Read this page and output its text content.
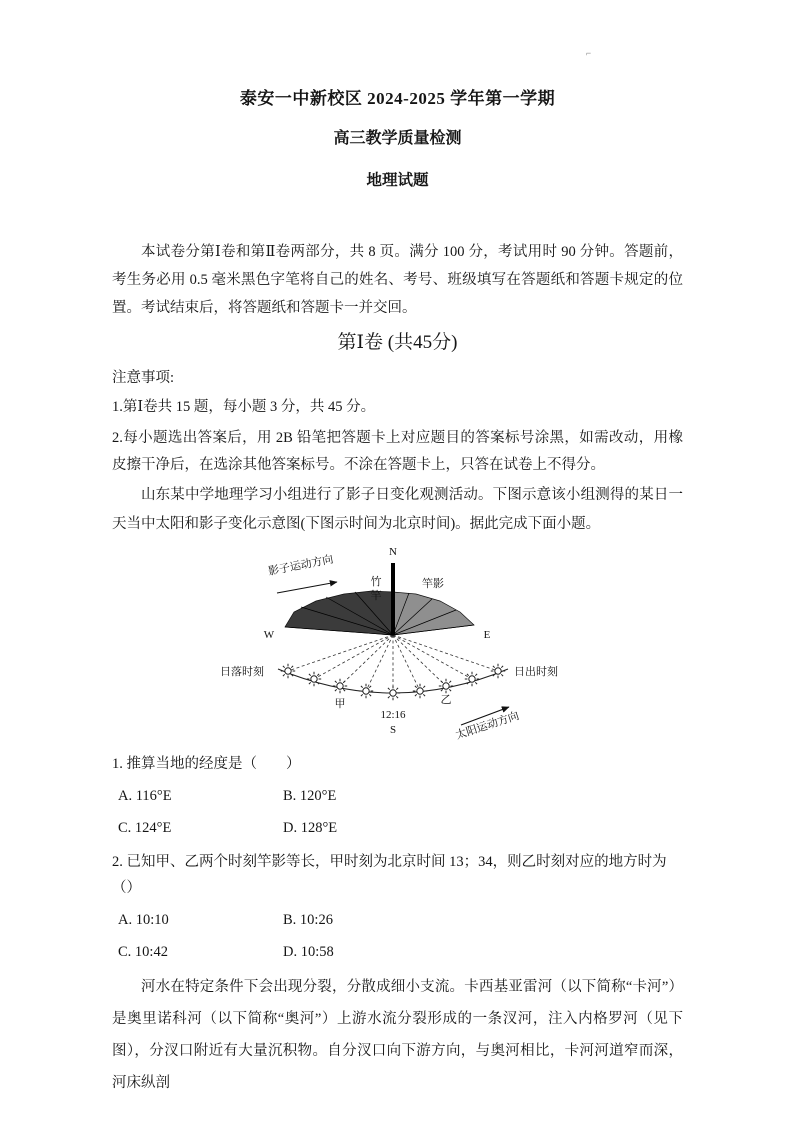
⌐
泰安一中新校区 2024-2025 学年第一学期
高三教学质量检测
地理试题

本试卷分第Ⅰ卷和第Ⅱ卷两部分，共 8 页。满分 100 分，考试用时 90 分钟。答题前，考生务必用 0.5 毫米黑色字笔将自己的姓名、考号、班级填写在答题纸和答题卡规定的位置。考试结束后，将答题纸和答题卡一并交回。

第Ⅰ卷 (共45分)
注意事项:

1.第Ⅰ卷共 15 题，每小题 3 分，共 45 分。

2.每小题选出答案后，用 2B 铅笔把答题卡上对应题目的答案标号涂黑，如需改动，用橡皮擦干净后，在选涂其他答案标号。不涂在答题卡上，只答在试卷上不得分。

山东某中学地理学习小组进行了影子日变化观测活动。下图示意该小组测得的某日一天当中太阳和影子变化示意图(下图示时间为北京时间)。据此完成下面小题。

N
S
W	E
竹
竿
竿影
影子运动方向
太阳运动方向
日落时刻	日出时刻
甲	乙
12:16
1. 推算当地的经度是（　　）
A. 116°E	B. 120°E
C. 124°E	D. 128°E
2. 已知甲、乙两个时刻竿影等长，甲时刻为北京时间 13；34，则乙时刻对应的地方时为（）
A. 10:10	B. 10:26
C. 10:42	D. 10:58

河水在特定条件下会出现分裂，分散成细小支流。卡西基亚雷河（以下简称“卡河”）是奥里诺科河（以下简称“奥河”）上游水流分裂形成的一条汊河，注入内格罗河（见下图），分汊口附近有大量沉积物。自分汊口向下游方向，与奥河相比，卡河河道窄而深，河床纵剖
